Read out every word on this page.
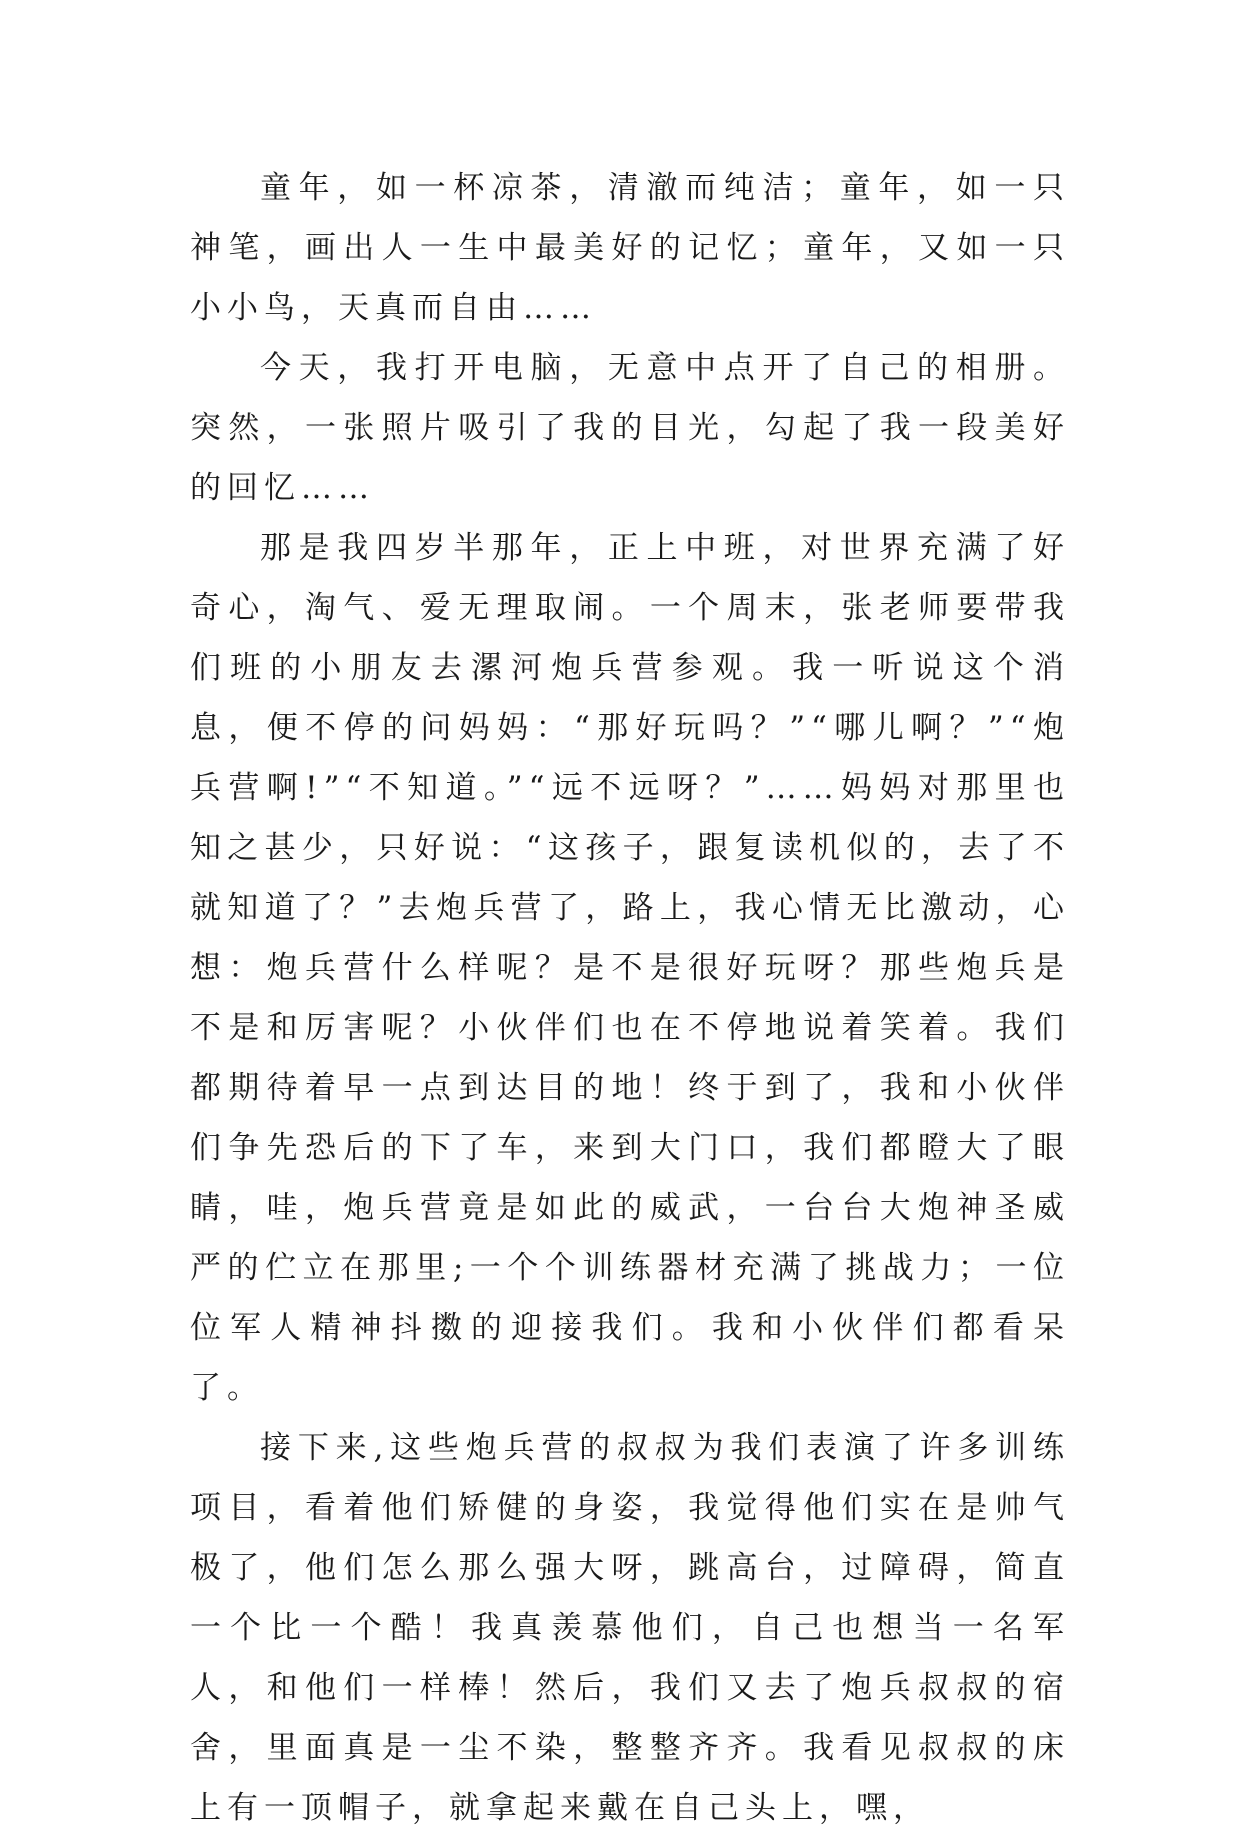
童年，如一杯凉茶，清澈而纯洁；童年，如一只神笔，画出人一生中最美好的记忆；童年，又如一只小小鸟，天真而自由……

今天，我打开电脑，无意中点开了自己的相册。突然，一张照片吸引了我的目光，勾起了我一段美好的回忆……

那是我四岁半那年，正上中班，对世界充满了好奇心，淘气、爱无理取闹。一个周末，张老师要带我们班的小朋友去漯河炮兵营参观。我一听说这个消息，便不停的问妈妈：“那好玩吗？”“哪儿啊？”“炮兵营啊!”“不知道。”“远不远呀？”……妈妈对那里也知之甚少，只好说：“这孩子，跟复读机似的，去了不就知道了？”去炮兵营了，路上，我心情无比激动，心想：炮兵营什么样呢？是不是很好玩呀？那些炮兵是不是和厉害呢？小伙伴们也在不停地说着笑着。我们都期待着早一点到达目的地！终于到了，我和小伙伴们争先恐后的下了车，来到大门口，我们都瞪大了眼睛，哇，炮兵营竟是如此的威武，一台台大炮神圣威严的伫立在那里;一个个训练器材充满了挑战力；一位位军人精神抖擞的迎接我们。我和小伙伴们都看呆了。

接下来,这些炮兵营的叔叔为我们表演了许多训练项目，看着他们矫健的身姿，我觉得他们实在是帅气极了，他们怎么那么强大呀，跳高台，过障碍，简直一个比一个酷！我真羡慕他们，自己也想当一名军人，和他们一样棒！然后，我们又去了炮兵叔叔的宿舍，里面真是一尘不染，整整齐齐。我看见叔叔的床上有一顶帽子，就拿起来戴在自己头上，嘿，
